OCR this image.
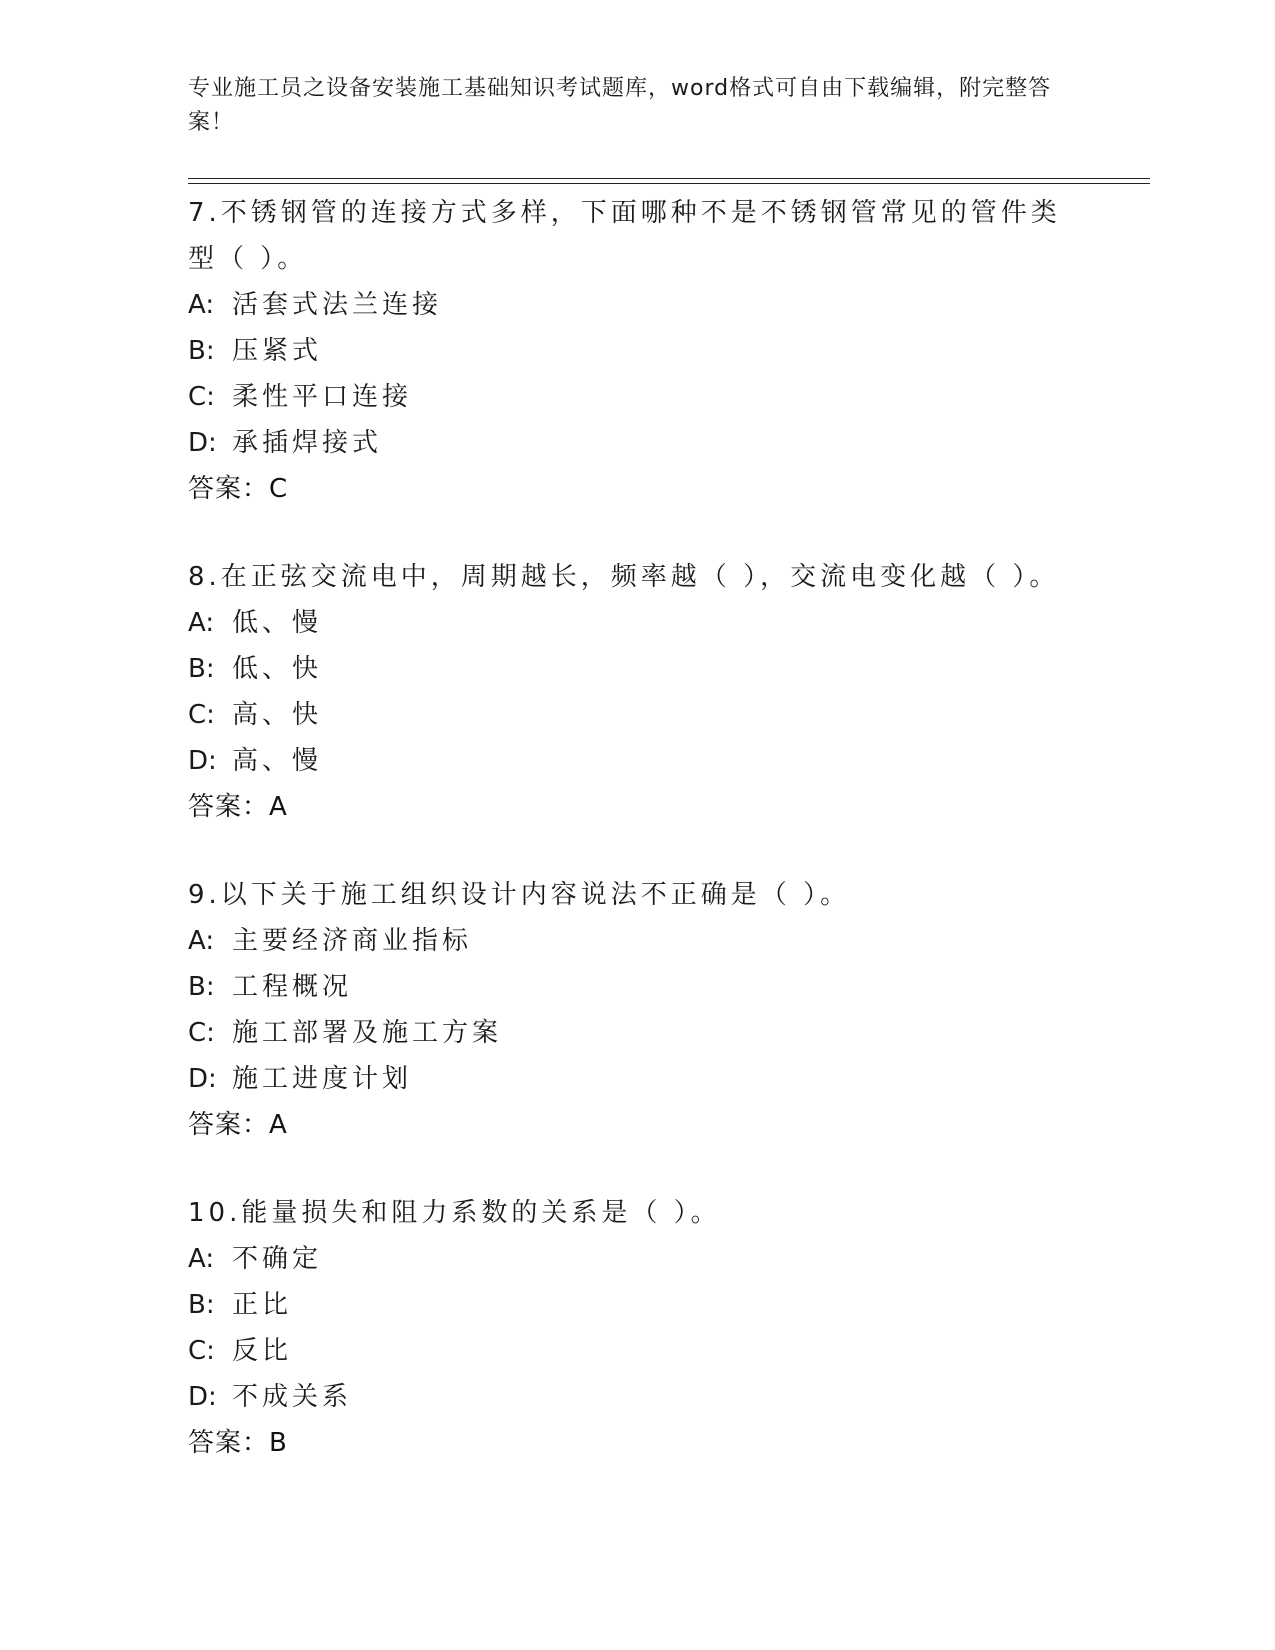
专业施工员之设备安装施工基础知识考试题库，word格式可自由下载编辑，附完整答案！
7.不锈钢管的连接方式多样，下面哪种不是不锈钢管常见的管件类型（ ）。
A: 活套式法兰连接
B: 压紧式
C: 柔性平口连接
D: 承插焊接式
答案：C
8.在正弦交流电中，周期越长，频率越（ ），交流电变化越（ ）。
A: 低、慢
B: 低、快
C: 高、快
D: 高、慢
答案：A
9.以下关于施工组织设计内容说法不正确是（ ）。
A: 主要经济商业指标
B: 工程概况
C: 施工部署及施工方案
D: 施工进度计划
答案：A
10.能量损失和阻力系数的关系是（ ）。
A: 不确定
B: 正比
C: 反比
D: 不成关系
答案：B
